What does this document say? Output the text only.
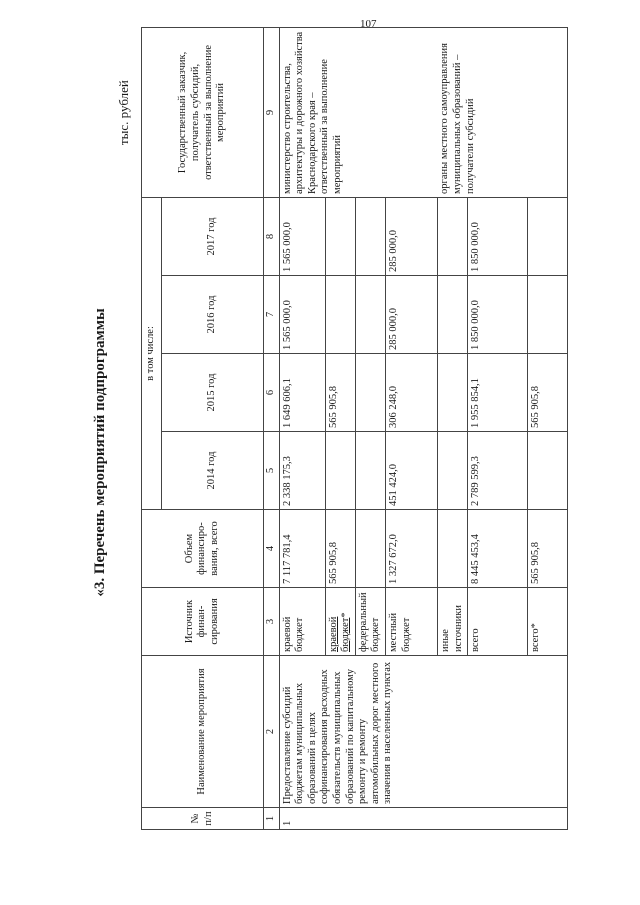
107
«3. Перечень мероприятий подпрограммы
тыс. рублей
№ п/п	Наименование мероприятия	Источник финан-сирования	Объем финансиро-вания, всего	в том числе:				Государственный заказчик, получатель субсидий, ответственный за выполнение мероприятий
				2014 год	2015 год	2016 год	2017 год	
1	2	3	4	5	6	7	8	9
1	Предоставление субсидий бюджетам муниципальных образований в целях софинансирования расходных обязательств муниципальных образований по капитальному ремонту и ремонту автомобильных дорог местного значения в населенных пунктах	краевой бюджет	7 117 781,4	2 338 175,3	1 649 606,1	1 565 000,0	1 565 000,0	министерство строительства, архитектуры и дорожного хозяйства Краснодарского края – ответственный за выполнение мероприятий
		краевой бюджет*	565 905,8		565 905,8			
		федеральный бюджет						
		местный бюджет	1 327 672,0	451 424,0	306 248,0	285 000,0	285 000,0	
		иные источники						органы местного самоуправления муниципальных образований – получатели субсидий
		всего	8 445 453,4	2 789 599,3	1 955 854,1	1 850 000,0	1 850 000,0	
		всего*	565 905,8		565 905,8			
